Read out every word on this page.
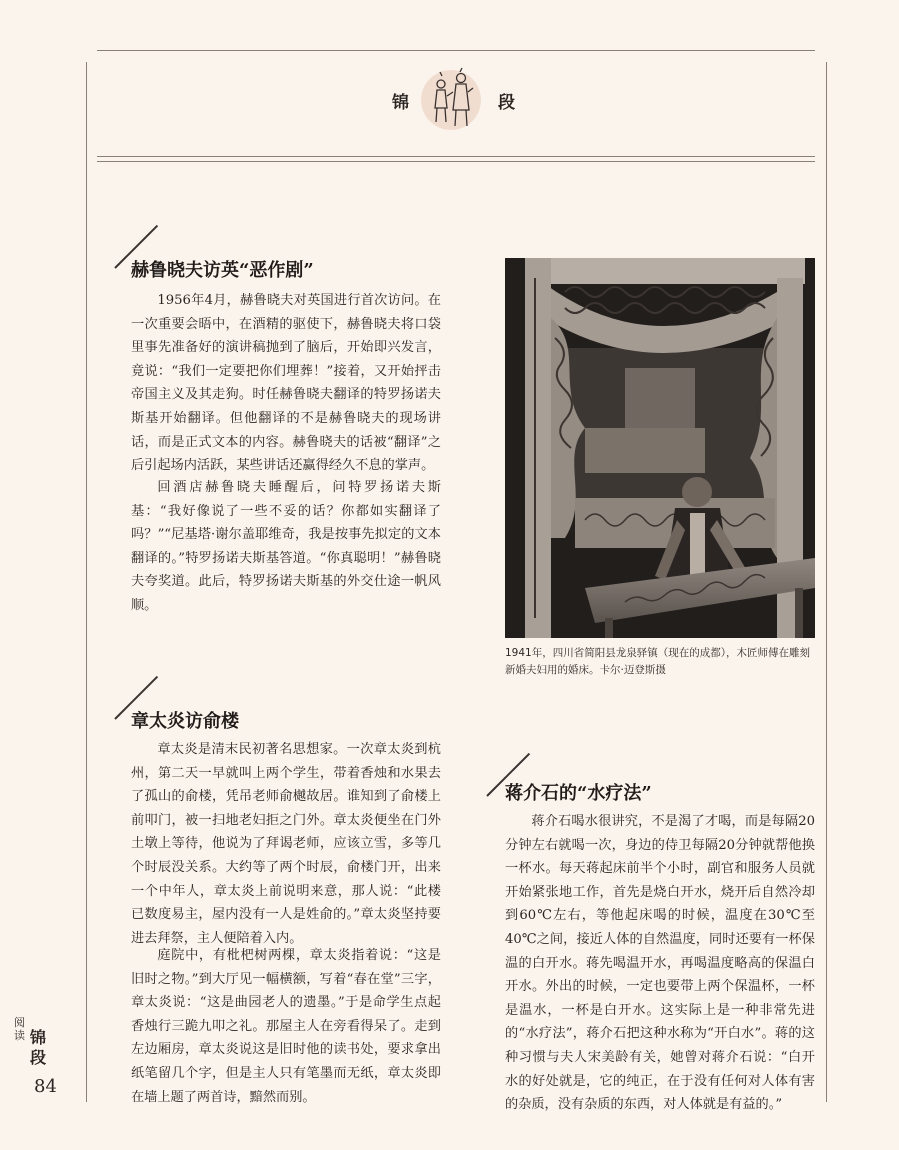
锦	段
赫鲁晓夫访英“恶作剧”

1956年4月，赫鲁晓夫对英国进行首次访问。在一次重要会晤中，在酒精的驱使下，赫鲁晓夫将口袋里事先准备好的演讲稿抛到了脑后，开始即兴发言，竟说：“我们一定要把你们埋葬！”接着，又开始抨击帝国主义及其走狗。时任赫鲁晓夫翻译的特罗扬诺夫斯基开始翻译。但他翻译的不是赫鲁晓夫的现场讲话，而是正式文本的内容。赫鲁晓夫的话被“翻译”之后引起场内活跃，某些讲话还赢得经久不息的掌声。

回酒店赫鲁晓夫睡醒后，问特罗扬诺夫斯基：“我好像说了一些不妥的话？你都如实翻译了吗？”“尼基塔·谢尔盖耶维奇，我是按事先拟定的文本翻译的。”特罗扬诺夫斯基答道。“你真聪明！”赫鲁晓夫夸奖道。此后，特罗扬诺夫斯基的外交仕途一帆风顺。

1941年，四川省简阳县龙泉驿镇（现在的成都），木匠师傅在雕刻新婚夫妇用的婚床。卡尔·迈登斯摄
章太炎访俞楼

章太炎是清末民初著名思想家。一次章太炎到杭州，第二天一早就叫上两个学生，带着香烛和水果去了孤山的俞楼，凭吊老师俞樾故居。谁知到了俞楼上前叩门，被一扫地老妇拒之门外。章太炎便坐在门外土墩上等待，他说为了拜谒老师，应该立雪，多等几个时辰没关系。大约等了两个时辰，俞楼门开，出来一个中年人，章太炎上前说明来意，那人说：“此楼已数度易主，屋内没有一人是姓俞的。”章太炎坚持要进去拜祭，主人便陪着入内。

庭院中，有枇杷树两棵，章太炎指着说：“这是旧时之物。”到大厅见一幅横额，写着“春在堂”三字，章太炎说：“这是曲园老人的遗墨。”于是命学生点起香烛行三跪九叩之礼。那屋主人在旁看得呆了。走到左边厢房，章太炎说这是旧时他的读书处，要求拿出纸笔留几个字，但是主人只有笔墨而无纸，章太炎即在墙上题了两首诗，黯然而别。

蒋介石的“水疗法”

蒋介石喝水很讲究，不是渴了才喝，而是每隔20分钟左右就喝一次，身边的侍卫每隔20分钟就帮他换一杯水。每天蒋起床前半个小时，副官和服务人员就开始紧张地工作，首先是烧白开水，烧开后自然冷却到60℃左右，等他起床喝的时候，温度在30℃至40℃之间，接近人体的自然温度，同时还要有一杯保温的白开水。蒋先喝温开水，再喝温度略高的保温白开水。外出的时候，一定也要带上两个保温杯，一杯是温水，一杯是白开水。这实际上是一种非常先进的“水疗法”，蒋介石把这种水称为“开白水”。蒋的这种习惯与夫人宋美龄有关，她曾对蒋介石说：“白开水的好处就是，它的纯正，在于没有任何对人体有害的杂质，没有杂质的东西，对人体就是有益的。”

阅读 锦段
84
